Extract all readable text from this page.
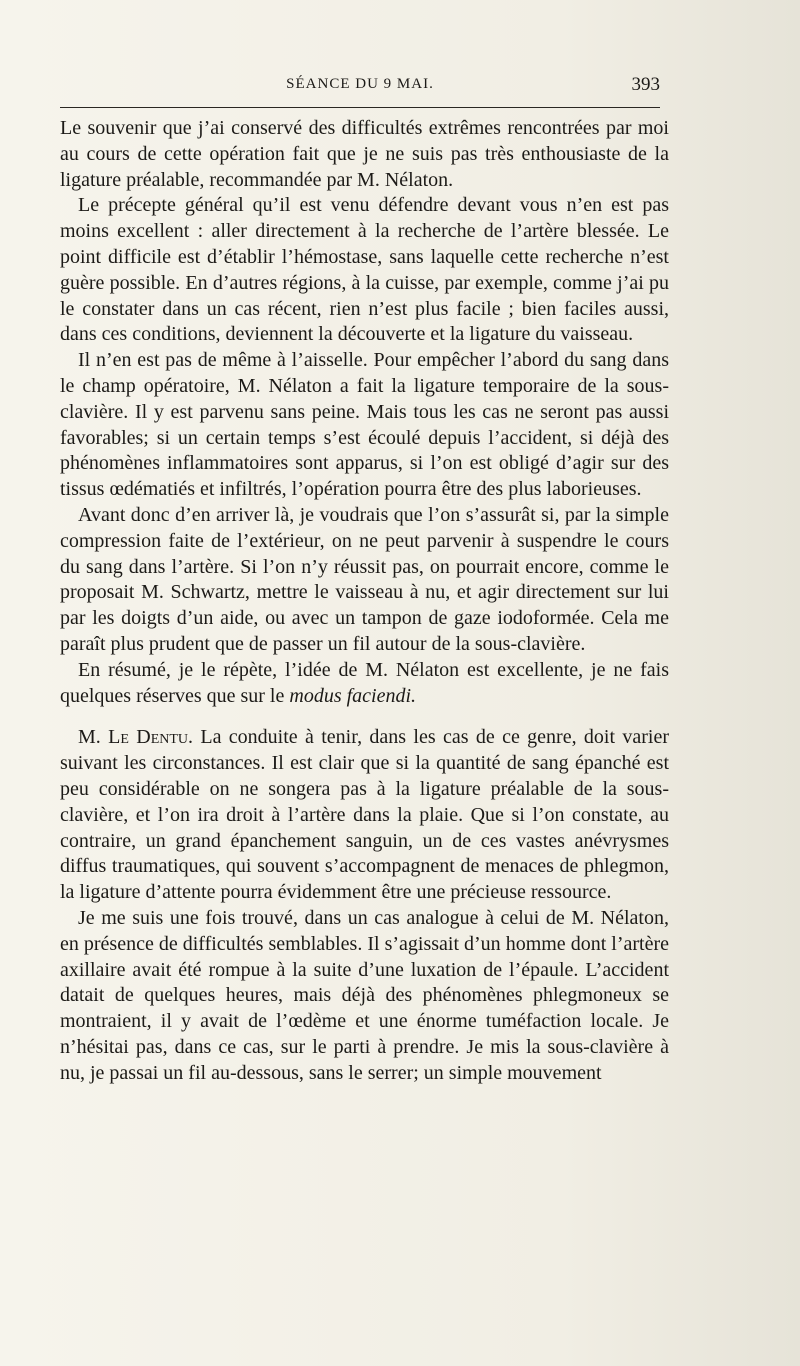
SÉANCE DU 9 MAI.	393

Le souvenir que j’ai conservé des difficultés extrêmes rencontrées par moi au cours de cette opération fait que je ne suis pas très enthousiaste de la ligature préalable, recommandée par M. Nélaton.

Le précepte général qu’il est venu défendre devant vous n’en est pas moins excellent : aller directement à la recherche de l’artère blessée. Le point difficile est d’établir l’hémostase, sans laquelle cette recherche n’est guère possible. En d’autres régions, à la cuisse, par exemple, comme j’ai pu le constater dans un cas récent, rien n’est plus facile ; bien faciles aussi, dans ces conditions, deviennent la découverte et la ligature du vaisseau.

Il n’en est pas de même à l’aisselle. Pour empêcher l’abord du sang dans le champ opératoire, M. Nélaton a fait la ligature temporaire de la sous-clavière. Il y est parvenu sans peine. Mais tous les cas ne seront pas aussi favorables; si un certain temps s’est écoulé depuis l’accident, si déjà des phénomènes inflammatoires sont apparus, si l’on est obligé d’agir sur des tissus œdématiés et infiltrés, l’opération pourra être des plus laborieuses.

Avant donc d’en arriver là, je voudrais que l’on s’assurât si, par la simple compression faite de l’extérieur, on ne peut parvenir à suspendre le cours du sang dans l’artère. Si l’on n’y réussit pas, on pourrait encore, comme le proposait M. Schwartz, mettre le vaisseau à nu, et agir directement sur lui par les doigts d’un aide, ou avec un tampon de gaze iodoformée. Cela me paraît plus prudent que de passer un fil autour de la sous-clavière.

En résumé, je le répète, l’idée de M. Nélaton est excellente, je ne fais quelques réserves que sur le modus faciendi.

M. Le Dentu. La conduite à tenir, dans les cas de ce genre, doit varier suivant les circonstances. Il est clair que si la quantité de sang épanché est peu considérable on ne songera pas à la ligature préalable de la sous-clavière, et l’on ira droit à l’artère dans la plaie. Que si l’on constate, au contraire, un grand épanchement sanguin, un de ces vastes anévrysmes diffus traumatiques, qui souvent s’accompagnent de menaces de phlegmon, la ligature d’attente pourra évidemment être une précieuse ressource.

Je me suis une fois trouvé, dans un cas analogue à celui de M. Nélaton, en présence de difficultés semblables. Il s’agissait d’un homme dont l’artère axillaire avait été rompue à la suite d’une luxation de l’épaule. L’accident datait de quelques heures, mais déjà des phénomènes phlegmoneux se montraient, il y avait de l’œdème et une énorme tuméfaction locale. Je n’hésitai pas, dans ce cas, sur le parti à prendre. Je mis la sous-clavière à nu, je passai un fil au-dessous, sans le serrer; un simple mouvement
